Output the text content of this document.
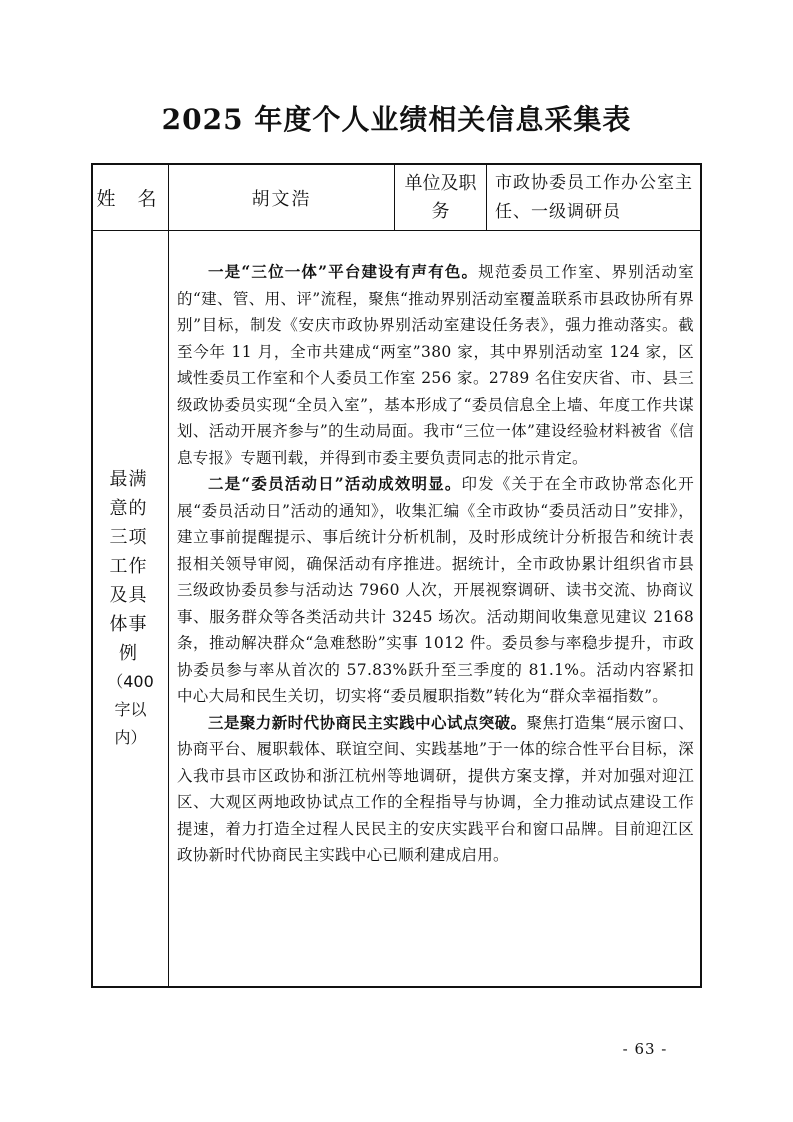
2025 年度个人业绩相关信息采集表
姓 名	胡文浩
单位及职务
市政协委员工作办公室主任、一级调研员
最满意的三项工作及具体事例
（400字以内）

一是“三位一体”平台建设有声有色。规范委员工作室、界别活动室的“建、管、用、评”流程，聚焦“推动界别活动室覆盖联系市县政协所有界别”目标，制发《安庆市政协界别活动室建设任务表》，强力推动落实。截至今年 11 月，全市共建成“两室”380 家，其中界别活动室 124 家，区域性委员工作室和个人委员工作室 256 家。2789 名住安庆省、市、县三级政协委员实现“全员入室”，基本形成了“委员信息全上墙、年度工作共谋划、活动开展齐参与”的生动局面。我市“三位一体”建设经验材料被省《信息专报》专题刊载，并得到市委主要负责同志的批示肯定。

二是“委员活动日”活动成效明显。印发《关于在全市政协常态化开展“委员活动日”活动的通知》，收集汇编《全市政协“委员活动日”安排》，建立事前提醒提示、事后统计分析机制，及时形成统计分析报告和统计表报相关领导审阅，确保活动有序推进。据统计，全市政协累计组织省市县三级政协委员参与活动达 7960 人次，开展视察调研、读书交流、协商议事、服务群众等各类活动共计 3245 场次。活动期间收集意见建议 2168 条，推动解决群众“急难愁盼”实事 1012 件。委员参与率稳步提升，市政协委员参与率从首次的 57.83%跃升至三季度的 81.1%。活动内容紧扣中心大局和民生关切，切实将“委员履职指数”转化为“群众幸福指数”。

三是聚力新时代协商民主实践中心试点突破。聚焦打造集“展示窗口、协商平台、履职载体、联谊空间、实践基地”于一体的综合性平台目标，深入我市县市区政协和浙江杭州等地调研，提供方案支撑，并对加强对迎江区、大观区两地政协试点工作的全程指导与协调，全力推动试点建设工作提速，着力打造全过程人民民主的安庆实践平台和窗口品牌。目前迎江区政协新时代协商民主实践中心已顺利建成启用。

- 63 -
